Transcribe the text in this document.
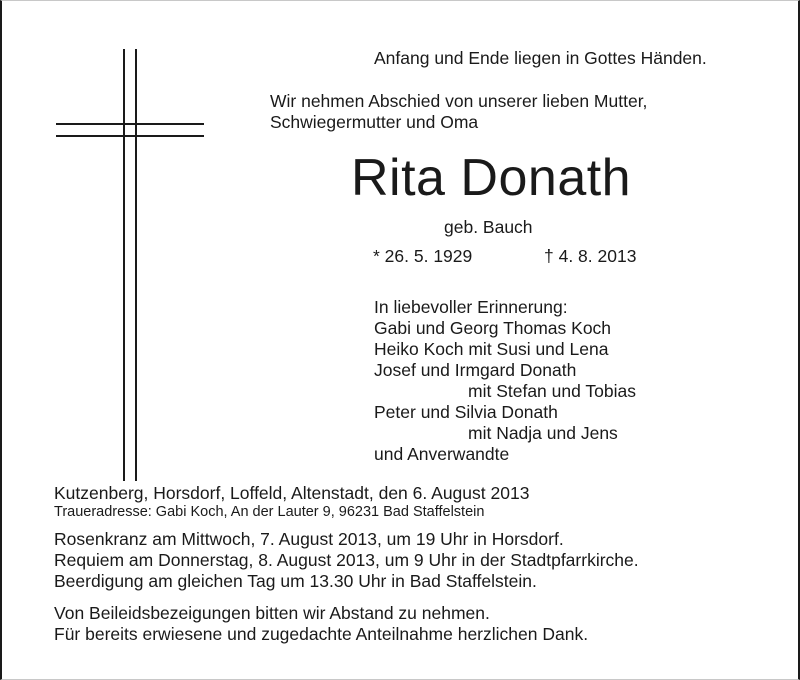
Anfang und Ende liegen in Gottes Händen.
Wir nehmen Abschied von unserer lieben Mutter,
Schwiegermutter und Oma
Rita Donath
geb. Bauch
* 26. 5. 1929	† 4. 8. 2013
In liebevoller Erinnerung:
Gabi und Georg Thomas Koch
Heiko Koch mit Susi und Lena
Josef und Irmgard Donath
mit Stefan und Tobias
Peter und Silvia Donath
mit Nadja und Jens
und Anverwandte
Kutzenberg, Horsdorf, Loffeld, Altenstadt, den 6. August 2013
Traueradresse: Gabi Koch, An der Lauter 9, 96231 Bad Staffelstein
Rosenkranz am Mittwoch, 7. August 2013, um 19 Uhr in Horsdorf.
Requiem am Donnerstag, 8. August 2013, um 9 Uhr in der Stadtpfarrkirche.
Beerdigung am gleichen Tag um 13.30 Uhr in Bad Staffelstein.
Von Beileidsbezeigungen bitten wir Abstand zu nehmen.
Für bereits erwiesene und zugedachte Anteilnahme herzlichen Dank.
